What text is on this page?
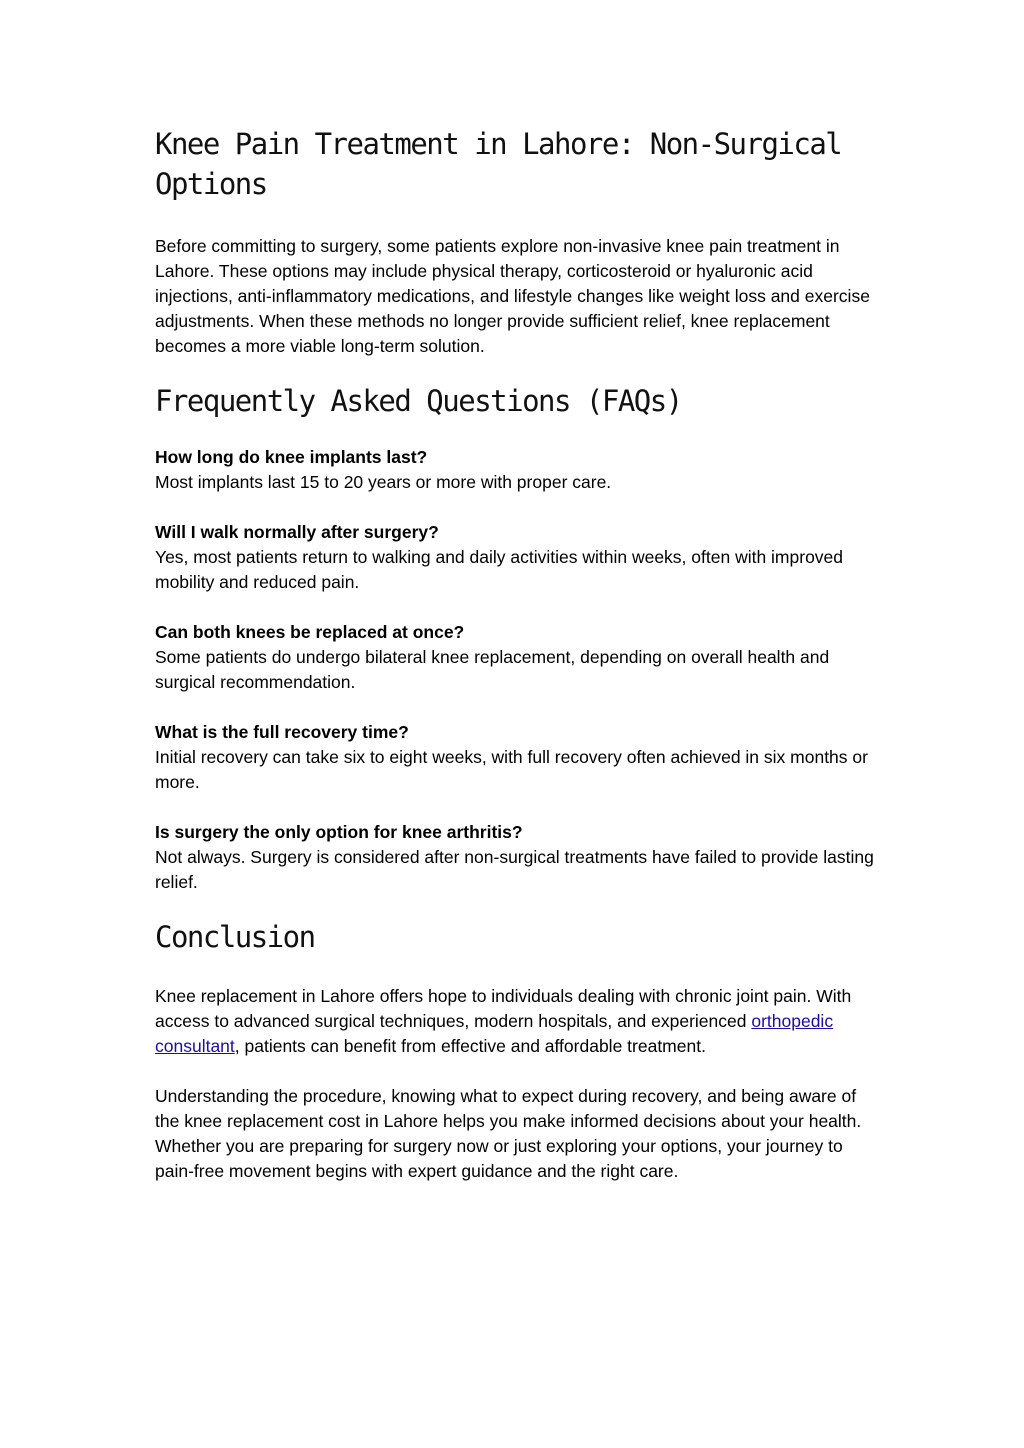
Knee Pain Treatment in Lahore: Non-Surgical Options

Before committing to surgery, some patients explore non-invasive knee pain treatment in Lahore. These options may include physical therapy, corticosteroid or hyaluronic acid injections, anti-inflammatory medications, and lifestyle changes like weight loss and exercise adjustments. When these methods no longer provide sufficient relief, knee replacement becomes a more viable long-term solution.

Frequently Asked Questions (FAQs)

How long do knee implants last?

Most implants last 15 to 20 years or more with proper care.

Will I walk normally after surgery?

Yes, most patients return to walking and daily activities within weeks, often with improved mobility and reduced pain.

Can both knees be replaced at once?

Some patients do undergo bilateral knee replacement, depending on overall health and surgical recommendation.

What is the full recovery time?

Initial recovery can take six to eight weeks, with full recovery often achieved in six months or more.

Is surgery the only option for knee arthritis?

Not always. Surgery is considered after non-surgical treatments have failed to provide lasting relief.

Conclusion

Knee replacement in Lahore offers hope to individuals dealing with chronic joint pain. With access to advanced surgical techniques, modern hospitals, and experienced orthopedic consultant, patients can benefit from effective and affordable treatment.

Understanding the procedure, knowing what to expect during recovery, and being aware of the knee replacement cost in Lahore helps you make informed decisions about your health. Whether you are preparing for surgery now or just exploring your options, your journey to pain-free movement begins with expert guidance and the right care.
